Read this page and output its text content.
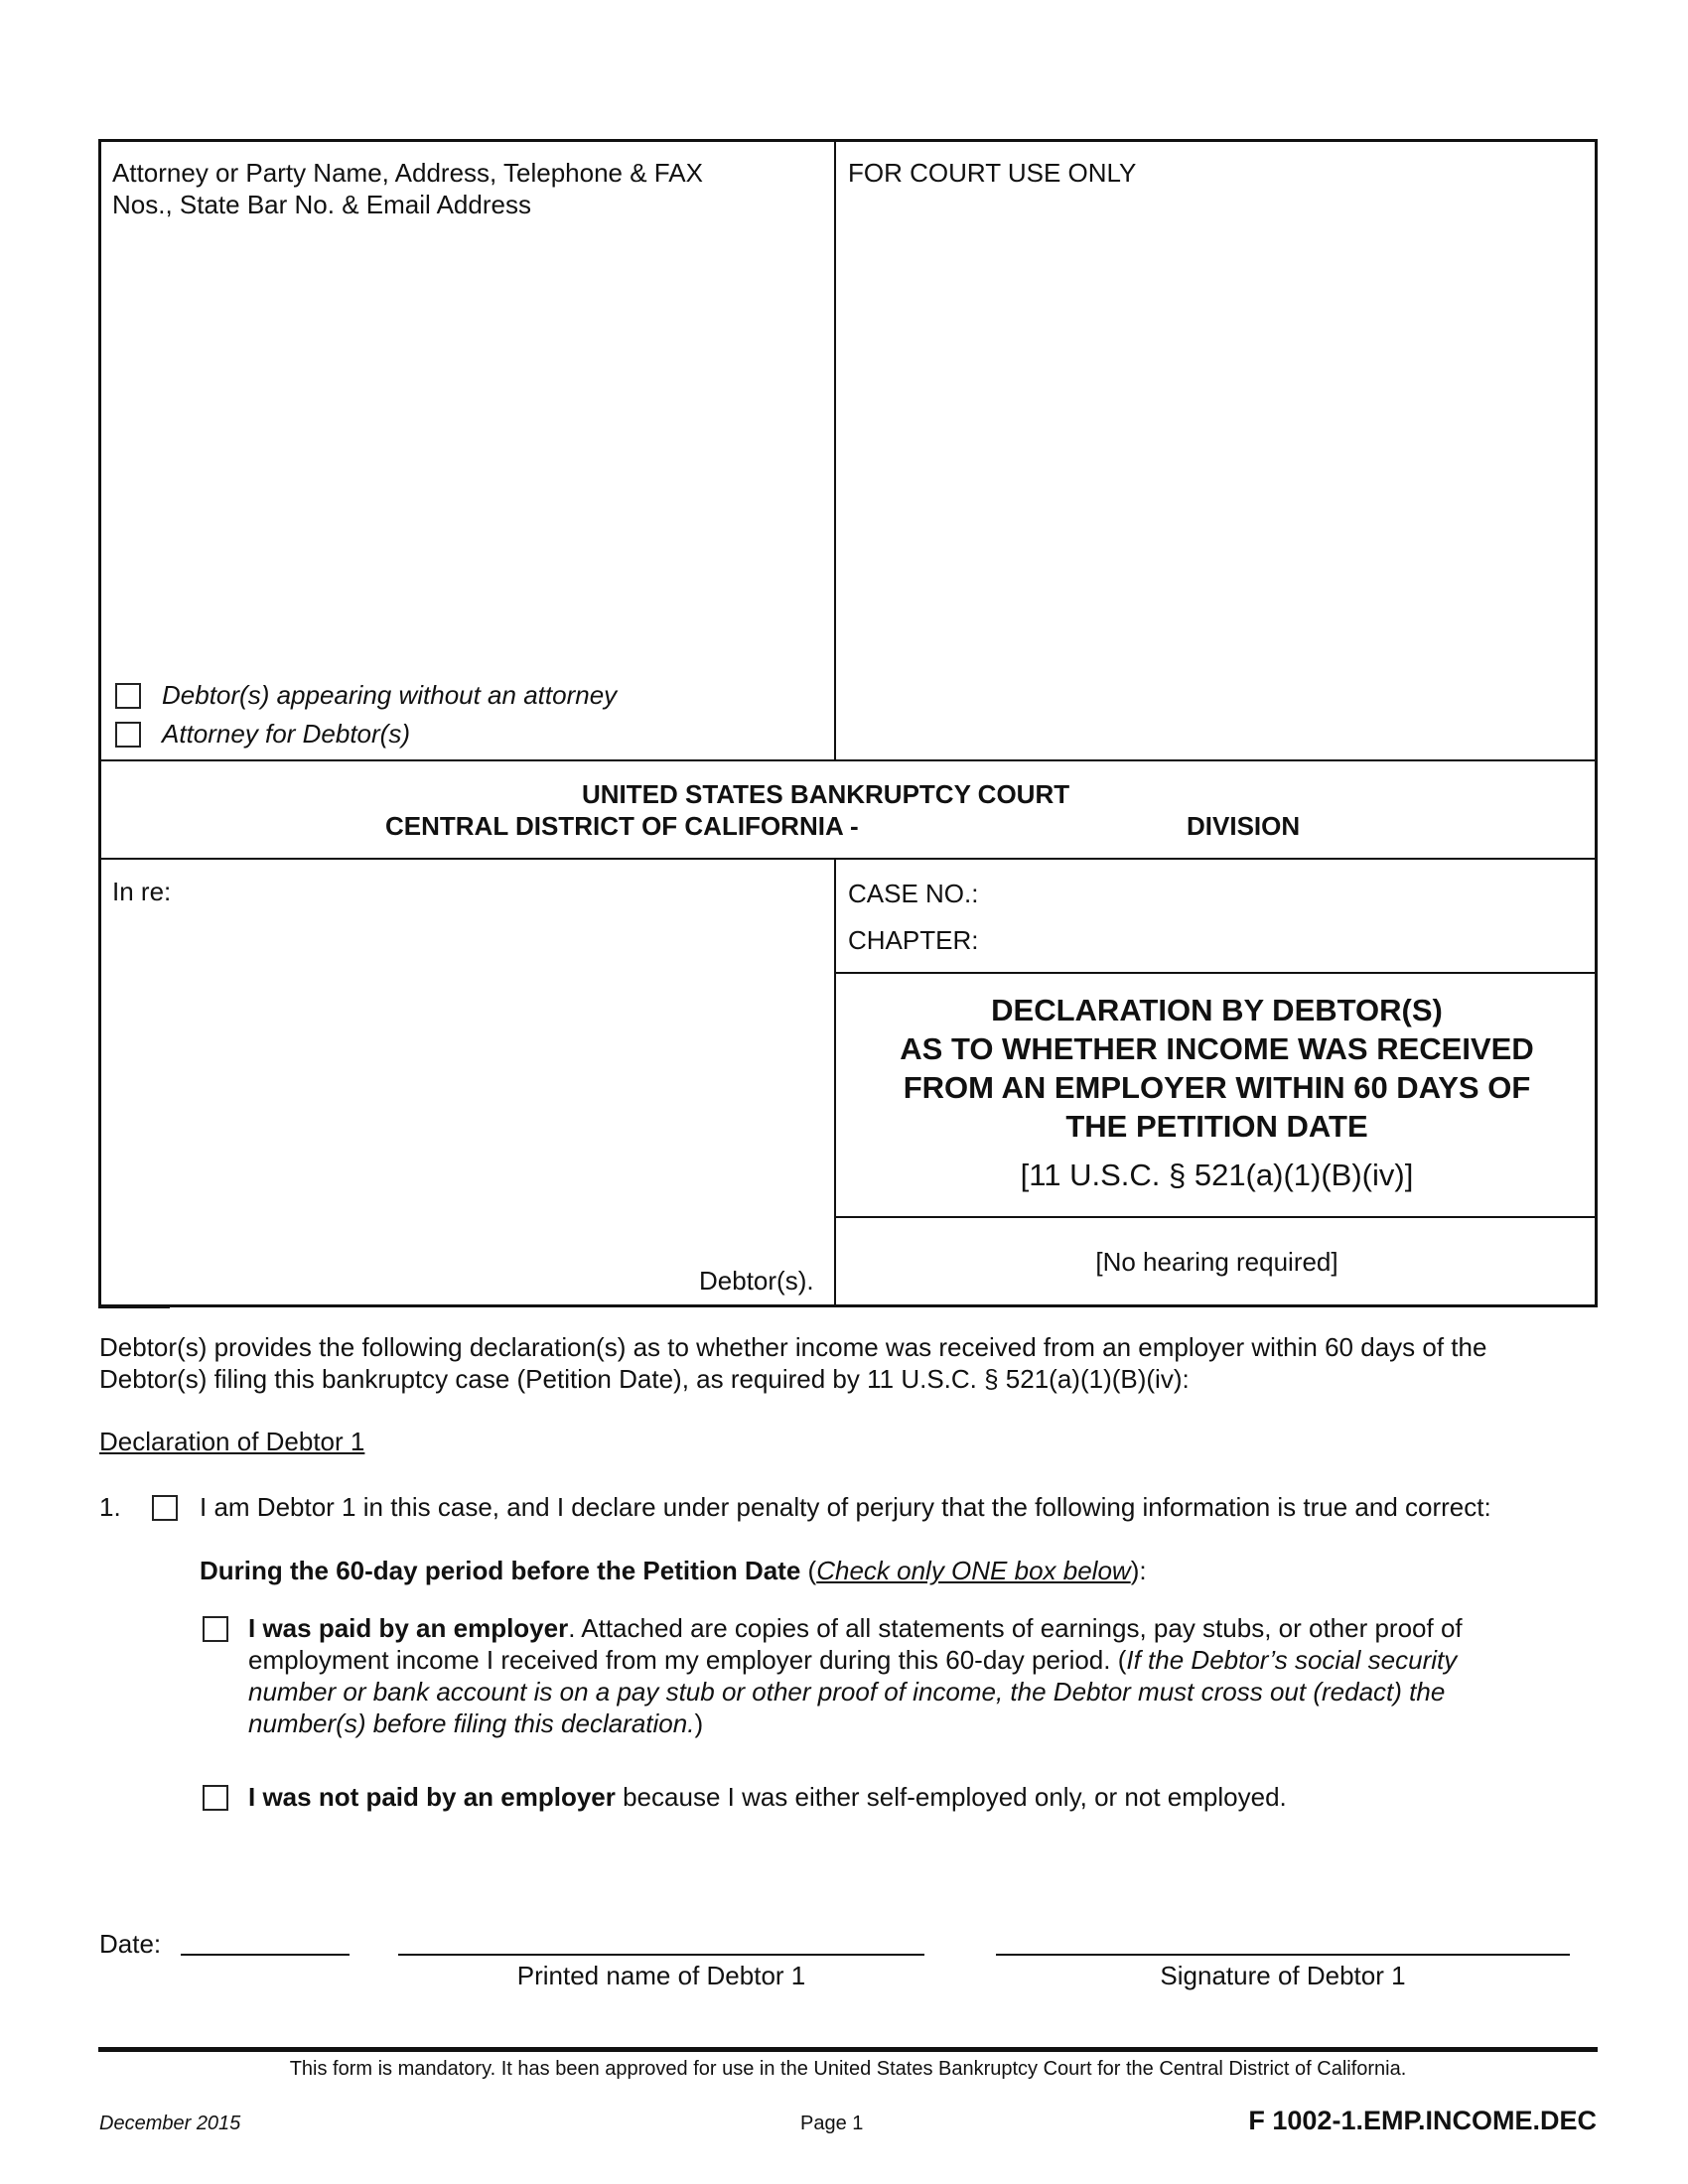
Attorney or Party Name, Address, Telephone & FAX
Nos., State Bar No. & Email Address
FOR COURT USE ONLY
Debtor(s) appearing without an attorney
Attorney for Debtor(s)
UNITED STATES BANKRUPTCY COURT
CENTRAL DISTRICT OF CALIFORNIA -	DIVISION
In re:
Debtor(s).
CASE NO.:
CHAPTER:
DECLARATION BY DEBTOR(S)
AS TO WHETHER INCOME WAS RECEIVED
FROM AN EMPLOYER WITHIN 60 DAYS OF
THE PETITION DATE
[11 U.S.C. § 521(a)(1)(B)(iv)]
[No hearing required]
Debtor(s) provides the following declaration(s) as to whether income was received from an employer within 60 days of the
Debtor(s) filing this bankruptcy case (Petition Date), as required by 11 U.S.C. § 521(a)(1)(B)(iv):
Declaration of Debtor 1
1.	I am Debtor 1 in this case, and I declare under penalty of perjury that the following information is true and correct:
During the 60-day period before the Petition Date (Check only ONE box below):
I was paid by an employer. Attached are copies of all statements of earnings, pay stubs, or other proof of
employment income I received from my employer during this 60-day period. (If the Debtor’s social security
number or bank account is on a pay stub or other proof of income, the Debtor must cross out (redact) the
number(s) before filing this declaration.)
I was not paid by an employer because I was either self-employed only, or not employed.
Date:
Printed name of Debtor 1	Signature of Debtor 1
This form is mandatory. It has been approved for use in the United States Bankruptcy Court for the Central District of California.
December 2015	Page 1	F 1002-1.EMP.INCOME.DEC
